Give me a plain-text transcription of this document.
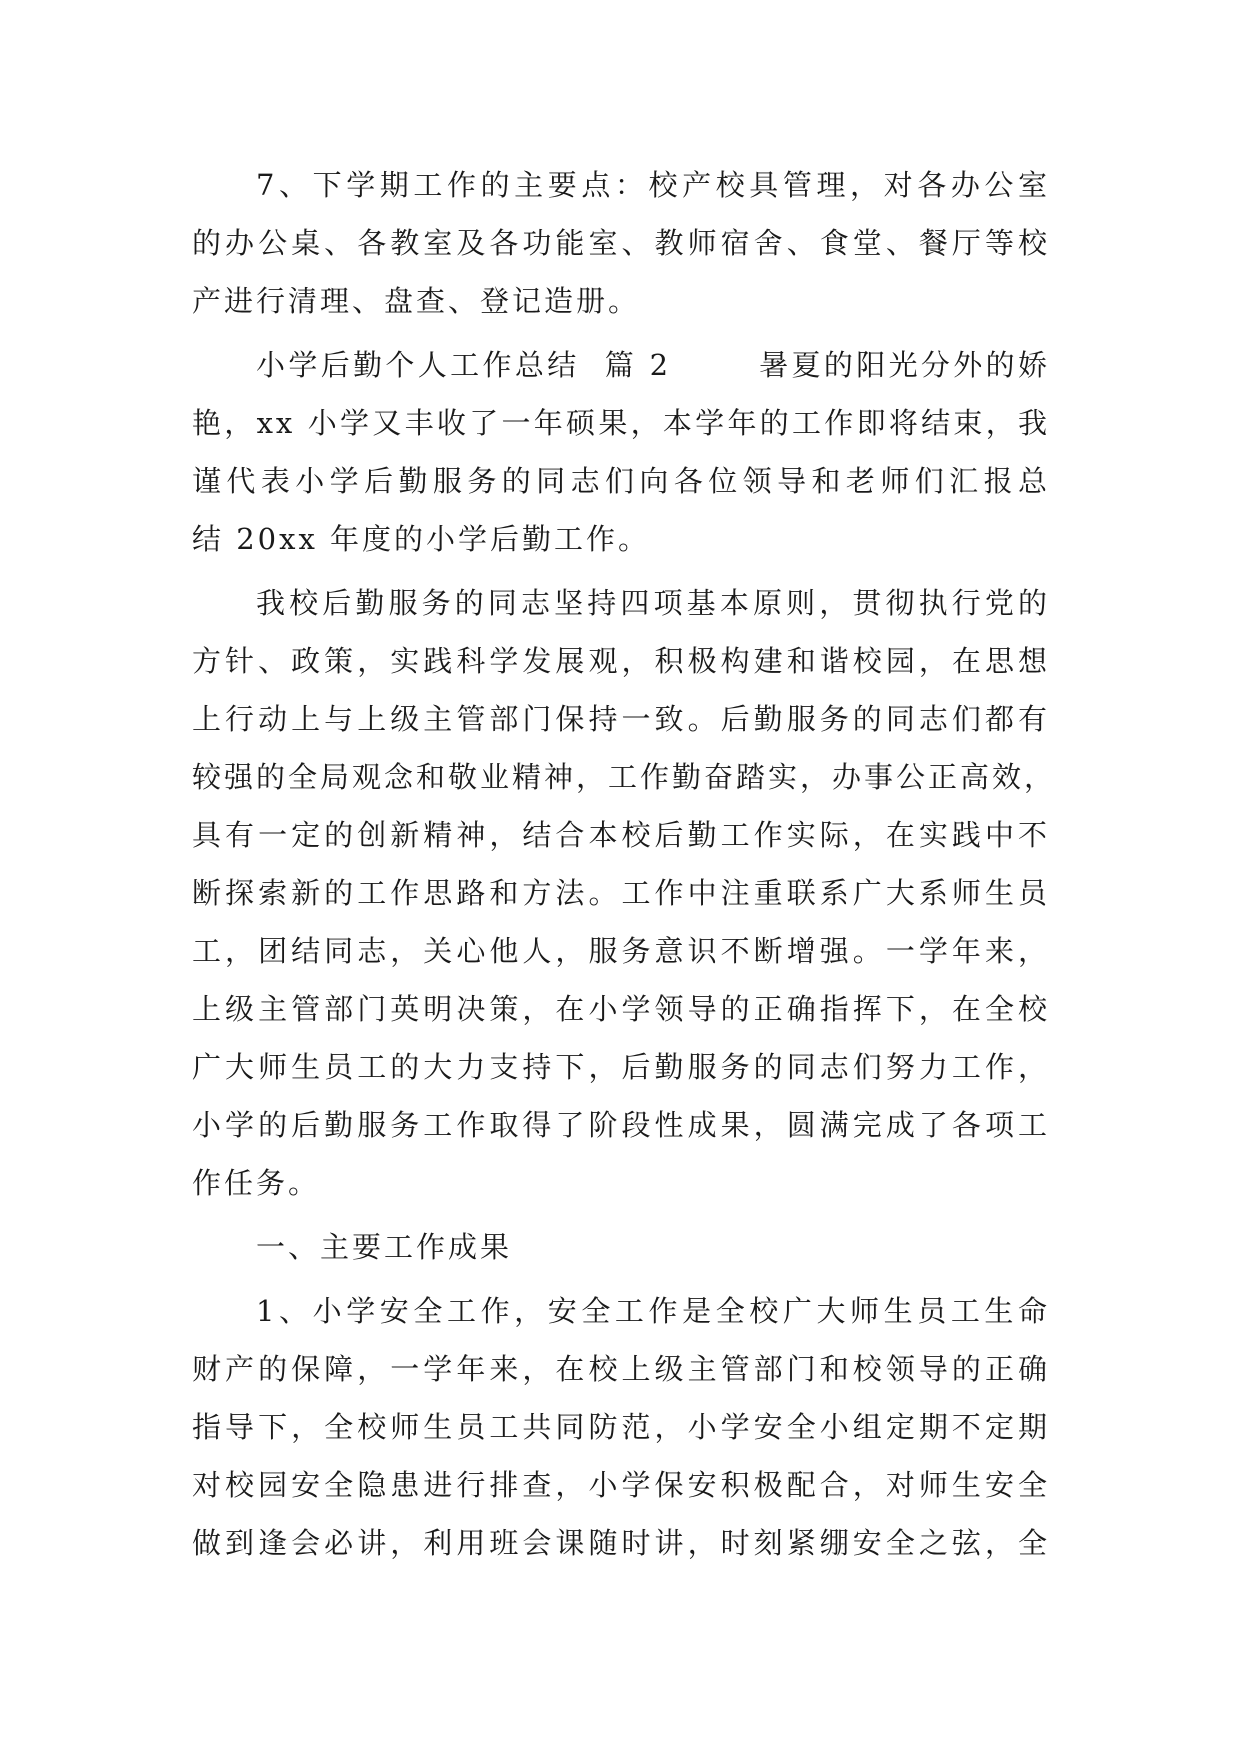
7、下学期工作的主要点：校产校具管理，对各办公室
的办公桌、各教室及各功能室、教师宿舍、食堂、餐厅等校
产进行清理、盘查、登记造册。
小学后勤个人工作总结  篇 2       暑夏的阳光分外的娇
艳，xx 小学又丰收了一年硕果，本学年的工作即将结束，我
谨代表小学后勤服务的同志们向各位领导和老师们汇报总
结 20xx 年度的小学后勤工作。
我校后勤服务的同志坚持四项基本原则，贯彻执行党的
方针、政策，实践科学发展观，积极构建和谐校园，在思想
上行动上与上级主管部门保持一致。后勤服务的同志们都有
较强的全局观念和敬业精神，工作勤奋踏实，办事公正高效，
具有一定的创新精神，结合本校后勤工作实际，在实践中不
断探索新的工作思路和方法。工作中注重联系广大系师生员
工，团结同志，关心他人，服务意识不断增强。一学年来，
上级主管部门英明决策，在小学领导的正确指挥下，在全校
广大师生员工的大力支持下，后勤服务的同志们努力工作，
小学的后勤服务工作取得了阶段性成果，圆满完成了各项工
作任务。
一、主要工作成果
1、小学安全工作，安全工作是全校广大师生员工生命
财产的保障，一学年来，在校上级主管部门和校领导的正确
指导下，全校师生员工共同防范，小学安全小组定期不定期
对校园安全隐患进行排查，小学保安积极配合，对师生安全
做到逢会必讲，利用班会课随时讲，时刻紧绷安全之弦，全
